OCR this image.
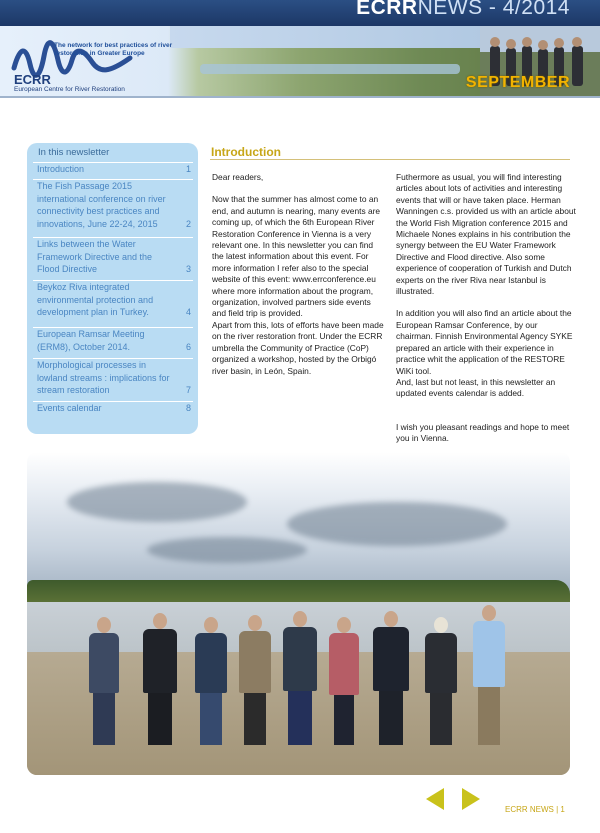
ECRRNEWS - 4/2014
The network for best practices of river restoration in Greater Europe
ECRR
European Centre for River Restoration	SEPTEMBER
In this newsletter
Introduction	1
The Fish Passage 2015 international conference on river connectivity best practices and innovations, June 22-24, 2015	2
Links between the Water Framework Directive and the Flood Directive	3
Beykoz Riva integrated environmental protection and development plan in Turkey.	4
European Ramsar Meeting (ERM8), October 2014.	6
Morphological processes in lowland streams : implications for stream restoration	7
Events calendar	8
Introduction

Dear readers,

Now that the summer has almost come to an end, and autumn is nearing, many events are coming up, of which the 6th European River Restoration Conference in Vienna is a very relevant one. In this newsletter you can find the latest information about this event. For more information I refer also to the special website of this event: www.errconference.eu where more information about the program, organization, involved partners side events and field trip is provided.

Apart from this, lots of efforts have been made on the river restoration front. Under the ECRR umbrella the Community of Practice (CoP) organized a workshop, hosted by the Orbigó river basin, in León, Spain.

Futhermore as usual, you will find interesting articles about lots of activities and interesting events that will or have taken place. Herman Wanningen c.s. provided us with an article about the World Fish Migration conference 2015 and Michaele Nones explains in his contribution the synergy between the EU Water Framework Directive and Flood directive. Also some experience of cooperation of Turkish and Dutch experts on the river Riva near Istanbul is illustrated.

In addition you will also find an article about the European Ramsar Conference, by our chairman. Finnish Environmental Agency SYKE prepared an article with their experience in practice whit the application of the RESTORE WiKi tool.

And, last but not least, in this newsletter an updated events calendar is added.

I wish you pleasant readings and hope to meet you in Vienna.

ECRR NEWS | 1
